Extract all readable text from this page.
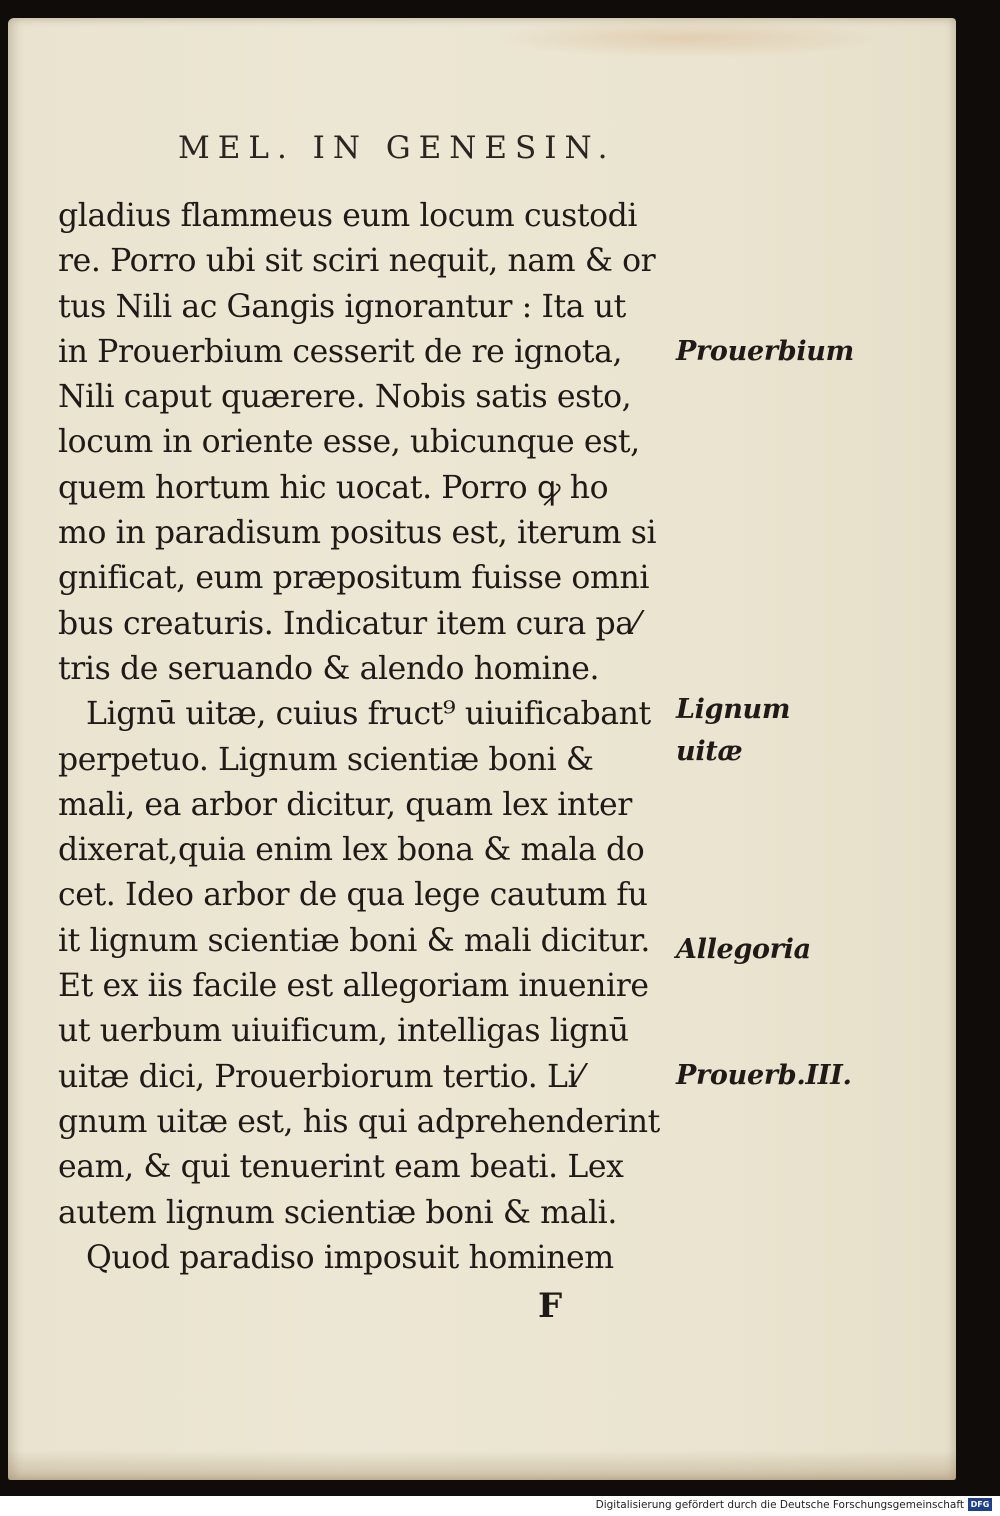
MEL. IN GENESIN.
gladius flammeus eum locum custodi
re. Porro ubi sit sciri nequit, nam & or
tus Nili ac Gangis ignorantur : Ita ut
in Prouerbium cesserit de re ignota,
Nili caput quærere. Nobis satis esto,
locum in oriente esse, ubicunque est,
quem hortum hic uocat. Porro ꝙ ho
mo in paradisum positus est, iterum si
gnificat, eum præpositum fuisse omni
bus creaturis. Indicatur item cura pa⁄
tris de seruando & alendo homine.
Lignū uitæ, cuius fruct⁹ uiuificabant
perpetuo. Lignum scientiæ boni &
mali, ea arbor dicitur, quam lex inter
dixerat,quia enim lex bona & mala do
cet. Ideo arbor de qua lege cautum fu
it lignum scientiæ boni & mali dicitur.
Et ex iis facile est allegoriam inuenire
ut uerbum uiuificum, intelligas lignū
uitæ dici, Prouerbiorum tertio. Li⁄
gnum uitæ est, his qui adprehenderint
eam, & qui tenuerint eam beati. Lex
autem lignum scientiæ boni & mali.
Quod paradiso imposuit hominem
Prouerbium
Lignum
uitæ
Allegoria
Prouerb.III.
F
Digitalisierung gefördert durch die Deutsche Forschungsgemeinschaft DFG
